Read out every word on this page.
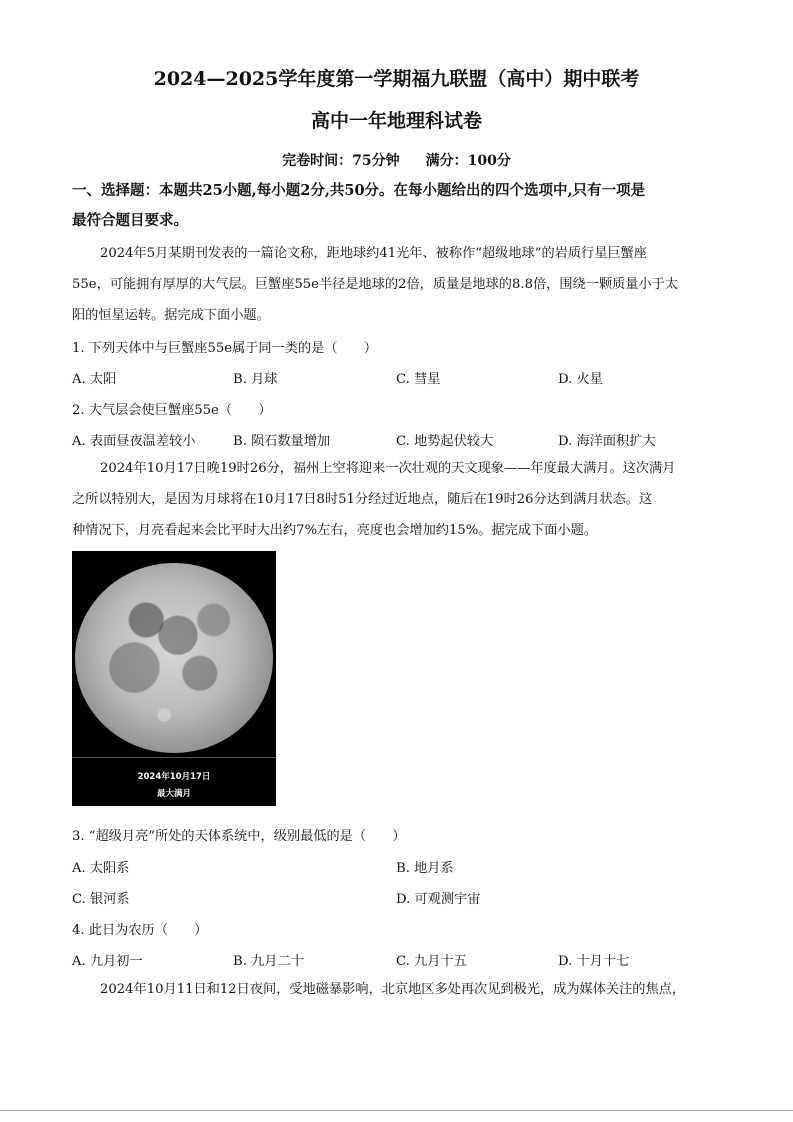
2024—2025学年度第一学期福九联盟（高中）期中联考
高中一年地理科试卷
完卷时间：75分钟 满分：100分
一、选择题：本题共25小题,每小题2分,共50分。在每小题给出的四个选项中,只有一项是
最符合题目要求。
2024年5月某期刊发表的一篇论文称，距地球约41光年、被称作“超级地球”的岩质行星巨蟹座
55e，可能拥有厚厚的大气层。巨蟹座55e半径是地球的2倍，质量是地球的8.8倍，围绕一颗质量小于太
阳的恒星运转。据完成下面小题。
1. 下列天体中与巨蟹座55e属于同一类的是（　　）
A. 太阳	B. 月球	C. 彗星	D. 火星
2. 大气层会使巨蟹座55e（　　）
A. 表面昼夜温差较小	B. 陨石数量增加	C. 地势起伏较大	D. 海洋面积扩大
2024年10月17日晚19时26分，福州上空将迎来一次壮观的天文现象——年度最大满月。这次满月
之所以特别大，是因为月球将在10月17日8时51分经过近地点，随后在19时26分达到满月状态。这
种情况下，月亮看起来会比平时大出约7%左右，亮度也会增加约15%。据完成下面小题。
2024年10月17日
最大满月
3. “超级月亮”所处的天体系统中，级别最低的是（　　）
A. 太阳系	B. 地月系
C. 银河系	D. 可观测宇宙
4. 此日为农历（　　）
A. 九月初一	B. 九月二十	C. 九月十五	D. 十月十七
2024年10月11日和12日夜间，受地磁暴影响，北京地区多处再次见到极光，成为媒体关注的焦点，
